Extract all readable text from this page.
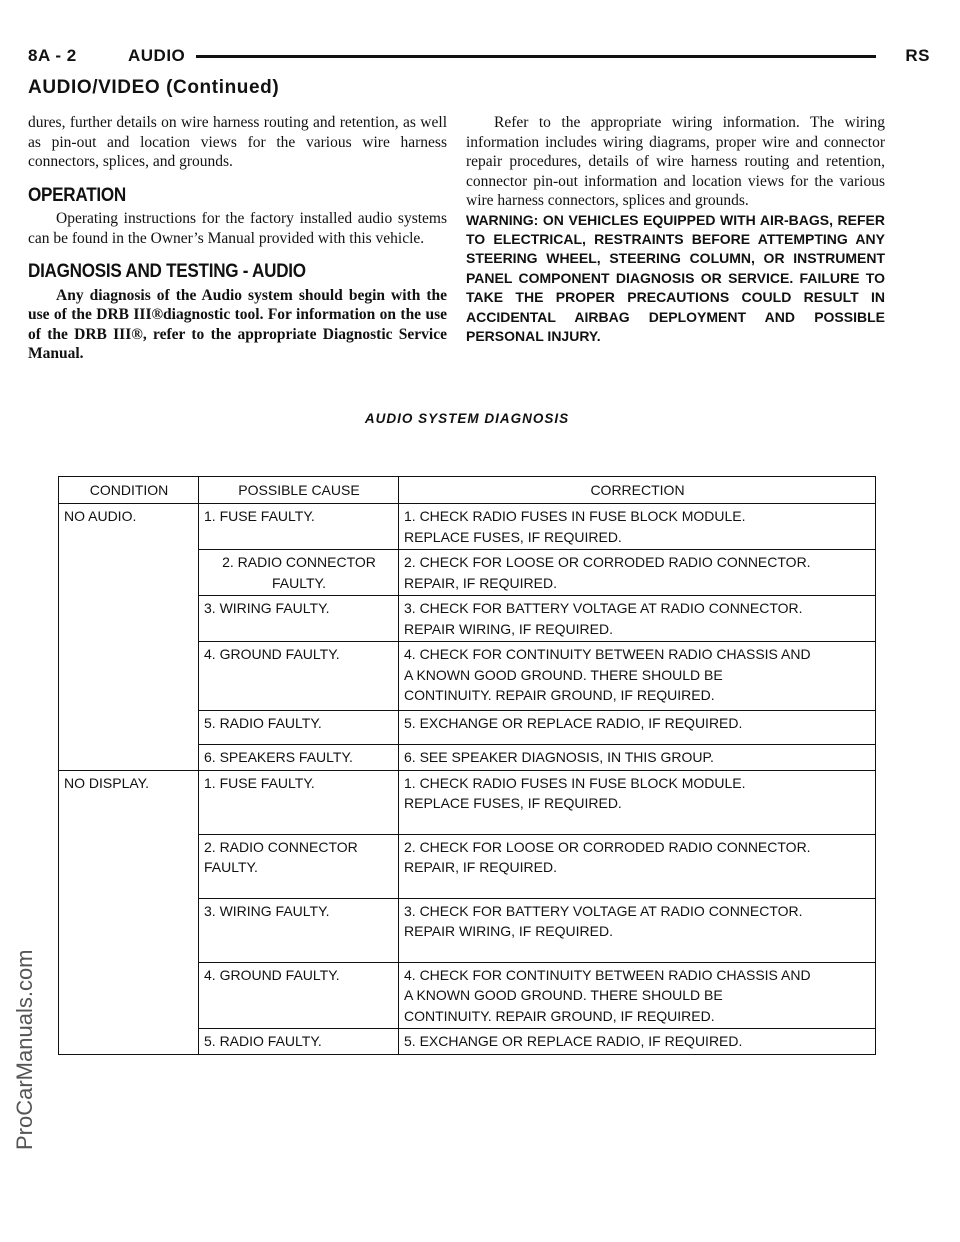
8A - 2	AUDIO	RS
AUDIO/VIDEO (Continued)

dures, further details on wire harness routing and retention, as well as pin-out and location views for the various wire harness connectors, splices, and grounds.

OPERATION

Operating instructions for the factory installed audio systems can be found in the Owner’s Manual provided with this vehicle.

DIAGNOSIS AND TESTING - AUDIO

Any diagnosis of the Audio system should begin with the use of the DRB III®diagnostic tool. For information on the use of the DRB III®, refer to the appropriate Diagnostic Service Manual.

Refer to the appropriate wiring information. The wiring information includes wiring diagrams, proper wire and connector repair procedures, details of wire harness routing and retention, connector pin-out information and location views for the various wire harness connectors, splices and grounds.

WARNING: ON VEHICLES EQUIPPED WITH AIR-BAGS, REFER TO ELECTRICAL, RESTRAINTS BEFORE ATTEMPTING ANY STEERING WHEEL, STEERING COLUMN, OR INSTRUMENT PANEL COMPONENT DIAGNOSIS OR SERVICE. FAILURE TO TAKE THE PROPER PRECAUTIONS COULD RESULT IN ACCIDENTAL AIRBAG DEPLOYMENT AND POSSIBLE PERSONAL INJURY.

AUDIO SYSTEM DIAGNOSIS
CONDITION	POSSIBLE CAUSE	CORRECTION
NO AUDIO.	1. FUSE FAULTY.	1. CHECK RADIO FUSES IN FUSE BLOCK MODULE.
REPLACE FUSES, IF REQUIRED.

	2. RADIO CONNECTOR
FAULTY.	2. CHECK FOR LOOSE OR CORRODED RADIO CONNECTOR.
REPAIR, IF REQUIRED.

	3. WIRING FAULTY.	3. CHECK FOR BATTERY VOLTAGE AT RADIO CONNECTOR.
REPAIR WIRING, IF REQUIRED.

	4. GROUND FAULTY.	4. CHECK FOR CONTINUITY BETWEEN RADIO CHASSIS AND
A KNOWN GOOD GROUND. THERE SHOULD BE
CONTINUITY. REPAIR GROUND, IF REQUIRED.

	5. RADIO FAULTY.	5. EXCHANGE OR REPLACE RADIO, IF REQUIRED.

	6. SPEAKERS FAULTY.	6. SEE SPEAKER DIAGNOSIS, IN THIS GROUP.

NO DISPLAY.	1. FUSE FAULTY.	1. CHECK RADIO FUSES IN FUSE BLOCK MODULE.
REPLACE FUSES, IF REQUIRED.

	2. RADIO CONNECTOR
FAULTY.	2. CHECK FOR LOOSE OR CORRODED RADIO CONNECTOR.
REPAIR, IF REQUIRED.

	3. WIRING FAULTY.	3. CHECK FOR BATTERY VOLTAGE AT RADIO CONNECTOR.
REPAIR WIRING, IF REQUIRED.

	4. GROUND FAULTY.	4. CHECK FOR CONTINUITY BETWEEN RADIO CHASSIS AND
A KNOWN GOOD GROUND. THERE SHOULD BE
CONTINUITY. REPAIR GROUND, IF REQUIRED.

	5. RADIO FAULTY.	5. EXCHANGE OR REPLACE RADIO, IF REQUIRED.
ProCarManuals.com
